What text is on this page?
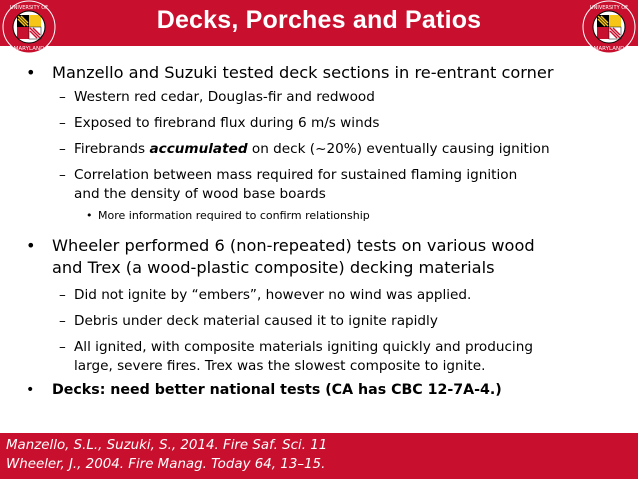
Decks, Porches and Patios
UNIVERSITY OF
MARYLAND
UNIVERSITY OF
MARYLAND
• Manzello and Suzuki tested deck sections in re-entrant corner
– Western red cedar, Douglas-fir and redwood
– Exposed to firebrand flux during 6 m/s winds
– Firebrands accumulated on deck (~20%) eventually causing ignition
– Correlation between mass required for sustained flaming ignition
and the density of wood base boards
• More information required to confirm relationship
• Wheeler performed 6 (non-repeated) tests on various wood
and Trex (a wood-plastic composite) decking materials
– Did not ignite by “embers”, however no wind was applied.
– Debris under deck material caused it to ignite rapidly
– All ignited, with composite materials igniting quickly and producing
large, severe fires. Trex was the slowest composite to ignite.
• Decks: need better national tests (CA has CBC 12-7A-4.)
Manzello, S.L., Suzuki, S., 2014. Fire Saf. Sci. 11
Wheeler, J., 2004. Fire Manag. Today 64, 13–15.
